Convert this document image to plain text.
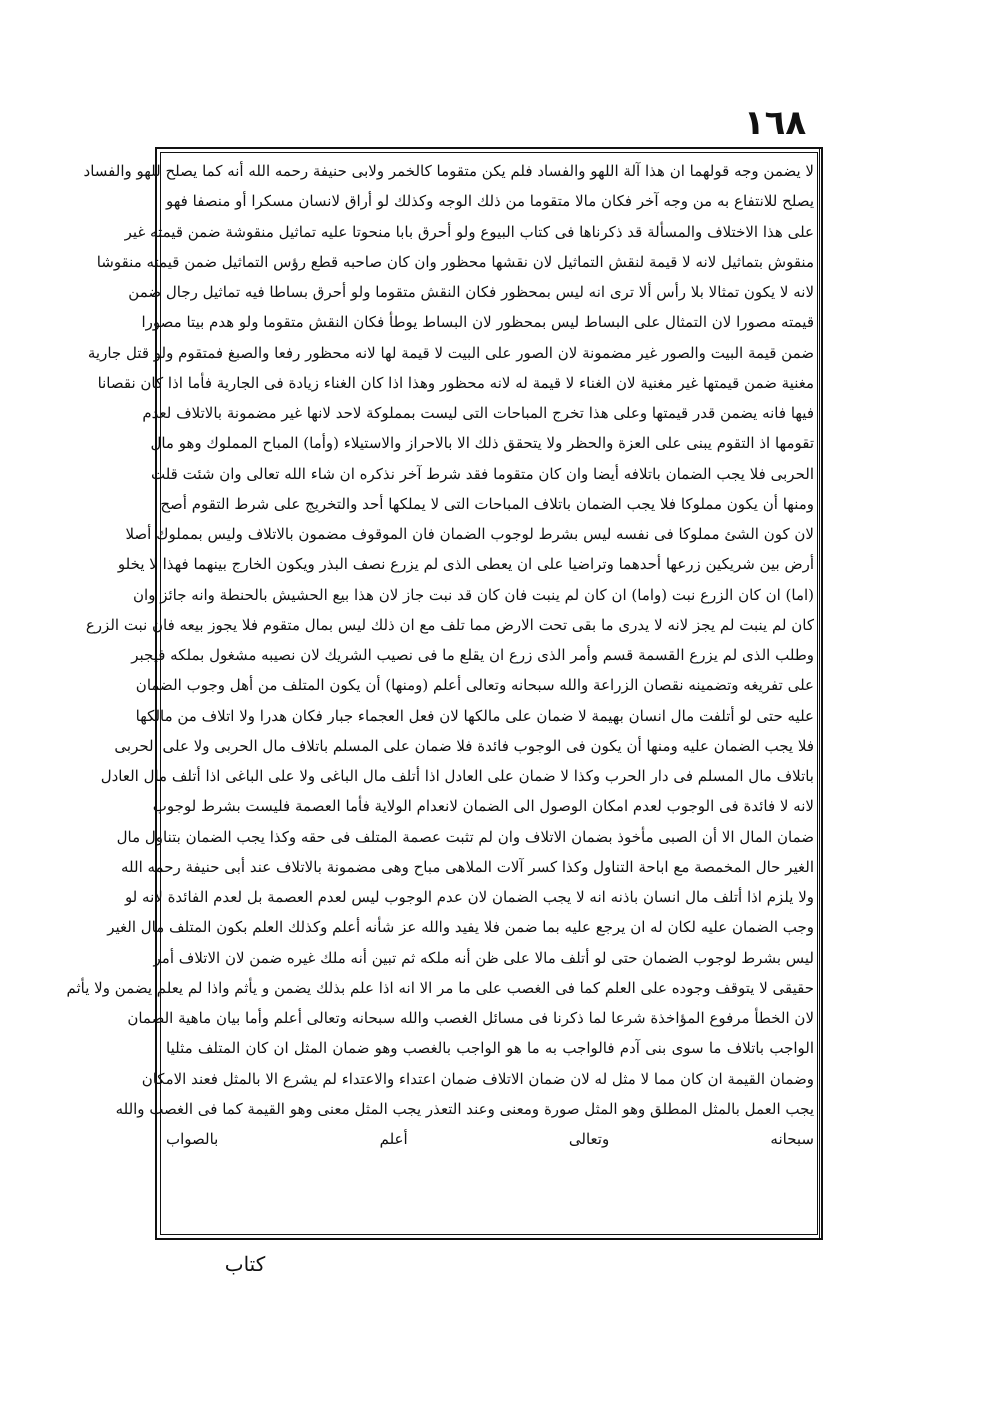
١٦٨
لا يضمن وجه قولهما ان هذا آلة اللهو والفساد فلم يكن متقوما كالخمر ولابى حنيفة رحمه الله أنه كما يصلح للهو والفساد
يصلح للانتفاع به من وجه آخر فكان مالا متقوما من ذلك الوجه وكذلك لو أراق لانسان مسكرا أو منصفا فهو
على هذا الاختلاف والمسألة قد ذكرناها فى كتاب البيوع ولو أحرق بابا منحوتا عليه تماثيل منقوشة ضمن قيمته غير
منقوش بتماثيل لانه لا قيمة لنقش التماثيل لان نقشها محظور وان كان صاحبه قطع رؤس التماثيل ضمن قيمته منقوشا
لانه لا يكون تمثالا بلا رأس ألا ترى انه ليس بمحظور فكان النقش متقوما ولو أحرق بساطا فيه تماثيل رجال ضمن
قيمته مصورا لان التمثال على البساط ليس بمحظور لان البساط يوطأ فكان النقش متقوما ولو هدم بيتا مصورا
ضمن قيمة البيت والصور غير مضمونة لان الصور على البيت لا قيمة لها لانه محظور رفعا والصبغ فمتقوم ولو قتل جارية
مغنية ضمن قيمتها غير مغنية لان الغناء لا قيمة له لانه محظور وهذا اذا كان الغناء زيادة فى الجارية فأما اذا كان نقصانا
فيها فانه يضمن قدر قيمتها وعلى هذا تخرج المباحات التى ليست بمملوكة لاحد لانها غير مضمونة بالاتلاف لعدم
تقومها اذ التقوم يبنى على العزة والحظر ولا يتحقق ذلك الا بالاحراز والاستيلاء (وأما) المباح المملوك وهو مال
الحربى فلا يجب الضمان باتلافه أيضا وان كان متقوما فقد شرط آخر نذكره ان شاء الله تعالى وان شئت قلت
ومنها أن يكون مملوكا فلا يجب الضمان باتلاف المباحات التى لا يملكها أحد والتخريج على شرط التقوم أصح
لان كون الشئ مملوكا فى نفسه ليس بشرط لوجوب الضمان فان الموقوف مضمون بالاتلاف وليس بمملوك أصلا
أرض بين شريكين زرعها أحدهما وتراضيا على ان يعطى الذى لم يزرع نصف البذر ويكون الخارج بينهما فهذا لا يخلو
(اما) ان كان الزرع نبت (واما) ان كان لم ينبت فان كان قد نبت جاز لان هذا بيع الحشيش بالحنطة وانه جائز وان
كان لم ينبت لم يجز لانه لا يدرى ما بقى تحت الارض مما تلف مع ان ذلك ليس بمال متقوم فلا يجوز بيعه فان نبت الزرع
وطلب الذى لم يزرع القسمة قسم وأمر الذى زرع ان يقلع ما فى نصيب الشريك لان نصيبه مشغول بملكه فيجبر
على تفريغه وتضمينه نقصان الزراعة والله سبحانه وتعالى أعلم (ومنها) أن يكون المتلف من أهل وجوب الضمان
عليه حتى لو أتلفت مال انسان بهيمة لا ضمان على مالكها لان فعل العجماء جبار فكان هدرا ولا اتلاف من مالكها
فلا يجب الضمان عليه ومنها أن يكون فى الوجوب فائدة فلا ضمان على المسلم باتلاف مال الحربى ولا على الحربى
باتلاف مال المسلم فى دار الحرب وكذا لا ضمان على العادل اذا أتلف مال الباغى ولا على الباغى اذا أتلف مال العادل
لانه لا فائدة فى الوجوب لعدم امكان الوصول الى الضمان لانعدام الولاية فأما العصمة فليست بشرط لوجوب
ضمان المال الا أن الصبى مأخوذ بضمان الاتلاف وان لم تثبت عصمة المتلف فى حقه وكذا يجب الضمان بتناول مال
الغير حال المخمصة مع اباحة التناول وكذا كسر آلات الملاهى مباح وهى مضمونة بالاتلاف عند أبى حنيفة رحمه الله
ولا يلزم اذا أتلف مال انسان باذنه انه لا يجب الضمان لان عدم الوجوب ليس لعدم العصمة بل لعدم الفائدة لانه لو
وجب الضمان عليه لكان له ان يرجع عليه بما ضمن فلا يفيد والله عز شأنه أعلم وكذلك العلم بكون المتلف مال الغير
ليس بشرط لوجوب الضمان حتى لو أتلف مالا على ظن أنه ملكه ثم تبين أنه ملك غيره ضمن لان الاتلاف أمر
حقيقى لا يتوقف وجوده على العلم كما فى الغصب على ما مر الا انه اذا علم بذلك يضمن و يأثم واذا لم يعلم يضمن ولا يأثم
لان الخطأ مرفوع المؤاخذة شرعا لما ذكرنا فى مسائل الغصب والله سبحانه وتعالى أعلم وأما بيان ماهية الضمان
الواجب باتلاف ما سوى بنى آدم فالواجب به ما هو الواجب بالغصب وهو ضمان المثل ان كان المتلف مثليا
وضمان القيمة ان كان مما لا مثل له لان ضمان الاتلاف ضمان اعتداء والاعتداء لم يشرع الا بالمثل فعند الامكان
يجب العمل بالمثل المطلق وهو المثل صورة ومعنى وعند التعذر يجب المثل معنى وهو القيمة كما فى الغصب والله
سبحانه وتعالى أعلم بالصواب
كتاب
